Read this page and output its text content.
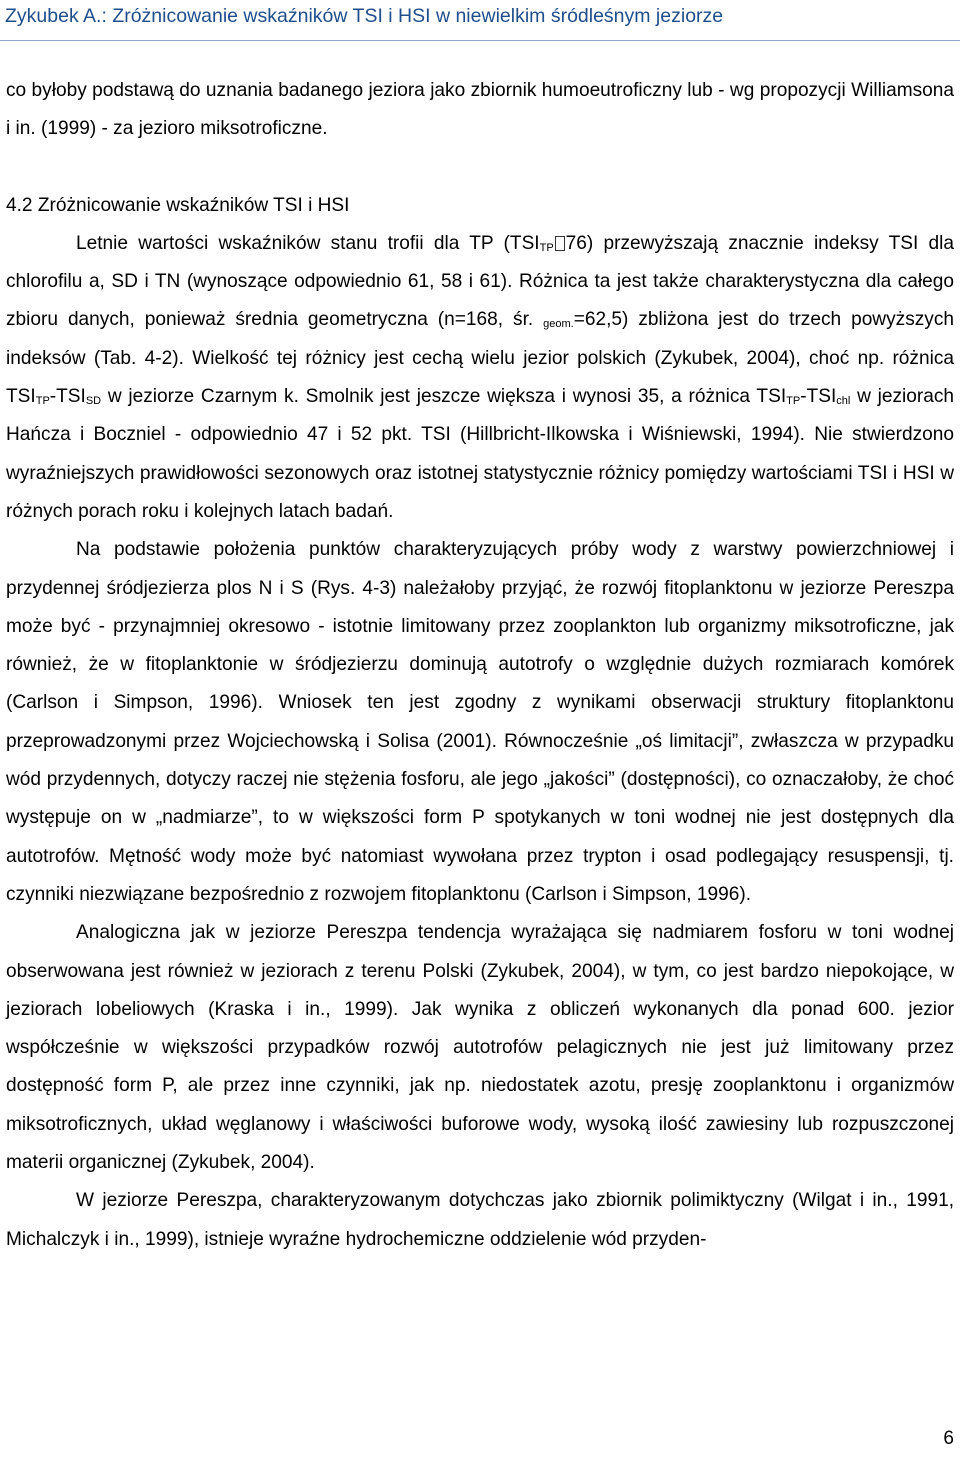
Zykubek A.: Zróżnicowanie wskaźników TSI i HSI w niewielkim śródleśnym jeziorze

co byłoby podstawą do uznania badanego jeziora jako zbiornik humoeutroficzny lub - wg propozycji Williamsona i in. (1999) - za jezioro miksotroficzne.

4.2 Zróżnicowanie wskaźników TSI i HSI

Letnie wartości wskaźników stanu trofii dla TP ($TSI_{TP}$ 76) przewyższają znacznie indeksy TSI dla chlorofilu a, SD i TN (wynoszące odpowiednio 61, 58 i 61). Różnica ta jest także charakterystyczna dla całego zbioru danych, ponieważ średnia geometryczna (n=168, śr. $_{geom.}$=62,5) zbliżona jest do trzech powyższych indeksów (Tab. 4-2). Wielkość tej różnicy jest cechą wielu jezior polskich (Zykubek, 2004), choć np. różnica $TSI_{TP}-TSI_{SD}$ w jeziorze Czarnym k. Smolnik jest jeszcze większa i wynosi 35, a różnica $TSI_{TP}-TSI_{chl}$ w jeziorach Hańcza i Boczniel - odpowiednio 47 i 52 pkt. TSI (Hillbricht-Ilkowska i Wiśniewski, 1994). Nie stwierdzono wyraźniejszych prawidłowości sezonowych oraz istotnej statystycznie różnicy pomiędzy wartościami TSI i HSI w różnych porach roku i kolejnych latach badań.

Na podstawie położenia punktów charakteryzujących próby wody z warstwy powierzchniowej i przydennej śródjezierza plos N i S (Rys. 4-3) należałoby przyjąć, że rozwój fitoplanktonu w jeziorze Pereszpa może być - przynajmniej okresowo - istotnie limitowany przez zooplankton lub organizmy miksotroficzne, jak również, że w fitoplanktonie w śródjezierzu dominują autotrofy o względnie dużych rozmiarach komórek (Carlson i Simpson, 1996). Wniosek ten jest zgodny z wynikami obserwacji struktury fitoplanktonu przeprowadzonymi przez Wojciechowską i Solisa (2001). Równocześnie „oś limitacji”, zwłaszcza w przypadku wód przydennych, dotyczy raczej nie stężenia fosforu, ale jego „jakości” (dostępności), co oznaczałoby, że choć występuje on w „nadmiarze”, to w większości form P spotykanych w toni wodnej nie jest dostępnych dla autotrofów. Mętność wody może być natomiast wywołana przez trypton i osad podlegający resuspensji, tj. czynniki niezwiązane bezpośrednio z rozwojem fitoplanktonu (Carlson i Simpson, 1996).

Analogiczna jak w jeziorze Pereszpa tendencja wyrażająca się nadmiarem fosforu w toni wodnej obserwowana jest również w jeziorach z terenu Polski (Zykubek, 2004), w tym, co jest bardzo niepokojące, w jeziorach lobeliowych (Kraska i in., 1999). Jak wynika z obliczeń wykonanych dla ponad 600. jezior współcześnie w większości przypadków rozwój autotrofów pelagicznych nie jest już limitowany przez dostępność form P, ale przez inne czynniki, jak np. niedostatek azotu, presję zooplanktonu i organizmów miksotroficznych, układ węglanowy i właściwości buforowe wody, wysoką ilość zawiesiny lub rozpuszczonej materii organicznej (Zykubek, 2004).

W jeziorze Pereszpa, charakteryzowanym dotychczas jako zbiornik polimiktyczny (Wilgat i in., 1991, Michalczyk i in., 1999), istnieje wyraźne hydrochemiczne oddzielenie wód przyden-

6
